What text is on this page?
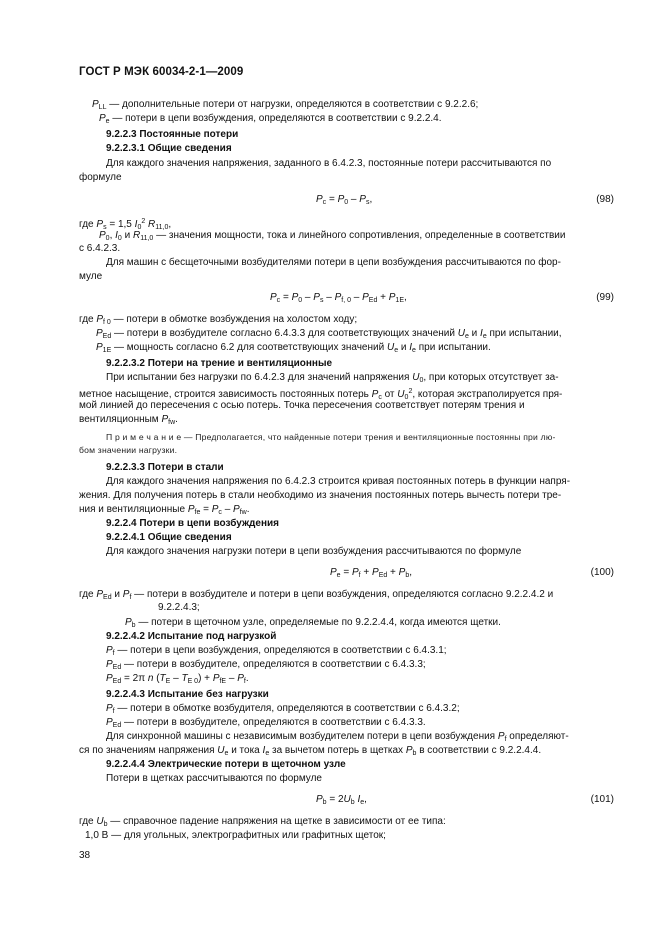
ГОСТ Р МЭК 60034-2-1—2009
$P_{LL}$ — дополнительные потери от нагрузки, определяются в соответствии с 9.2.2.6;
$P_e$ — потери в цепи возбуждения, определяются в соответствии с 9.2.2.4.
9.2.2.3 Постоянные потери
9.2.2.3.1 Общие сведения
Для каждого значения напряжения, заданного в 6.4.2.3, постоянные потери рассчитываются по
формуле
$P_c = P_0 - P_s$,	(98)
где $P_s = 1,5$ $I_0^2$ $R_{11,0}$,
$P_0$, $I_0$ и $R_{11,0}$ — значения мощности, тока и линейного сопротивления, определенные в соответствии
с 6.4.2.3.
Для машин с бесщеточными возбудителями потери в цепи возбуждения рассчитываются по фор-
муле
$P_c = P_0 - P_s - P_{f, 0} - P_{Ed} + P_{1E}$,	(99)
где $P_{f 0}$ — потери в обмотке возбуждения на холостом ходу;
$P_{Ed}$ — потери в возбудителе согласно 6.4.3.3 для соответствующих значений $U_e$ и $I_e$ при испытании,
$P_{1E}$ — мощность согласно 6.2 для соответствующих значений $U_e$ и $I_e$ при испытании.
9.2.2.3.2 Потери на трение и вентиляционные
При испытании без нагрузки по 6.4.2.3 для значений напряжения $U_0$, при которых отсутствует за-
метное насыщение, строится зависимость постоянных потерь $P_c$ от $U_0^2$, которая экстраполируется пря-
мой линией до пересечения с осью потерь. Точка пересечения соответствует потерям трения и
вентиляционным $P_{fw}$.
П р и м е ч а н и е — Предполагается, что найденные потери трения и вентиляционные постоянны при лю-
бом значении нагрузки.
9.2.2.3.3 Потери в стали
Для каждого значения напряжения по 6.4.2.3 строится кривая постоянных потерь в функции напря-
жения. Для получения потерь в стали необходимо из значения постоянных потерь вычесть потери тре-
ния и вентиляционные $P_{fe} = P_c - P_{fw}$.
9.2.2.4 Потери в цепи возбуждения
9.2.2.4.1 Общие сведения
Для каждого значения нагрузки потери в цепи возбуждения рассчитываются по формуле
$P_e = P_f + P_{Ed} + P_b$,	(100)
где $P_{Ed}$ и $P_f$ — потери в возбудителе и потери в цепи возбуждения, определяются согласно 9.2.2.4.2 и
9.2.2.4.3;
$P_b$ — потери в щеточном узле, определяемые по 9.2.2.4.4, когда имеются щетки.
9.2.2.4.2 Испытание под нагрузкой
$P_f$ — потери в цепи возбуждения, определяются в соответствии с 6.4.3.1;
$P_{Ed}$ — потери в возбудителе, определяются в соответствии с 6.4.3.3;
$P_{Ed} = 2\pi$ n $(T_E - T_{E 0}) + P_{fE} - P_f$.
9.2.2.4.3 Испытание без нагрузки
$P_f$ — потери в обмотке возбудителя, определяются в соответствии с 6.4.3.2;
$P_{Ed}$ — потери в возбудителе, определяются в соответствии с 6.4.3.3.
Для синхронной машины с независимым возбудителем потери в цепи возбуждения $P_f$ определяют-
ся по значениям напряжения $U_e$ и тока $I_e$ за вычетом потерь в щетках $P_b$ в соответствии с 9.2.2.4.4.
9.2.2.4.4 Электрические потери в щеточном узле
Потери в щетках рассчитываются по формуле
$P_b = 2U_b$ $I_e$,	(101)
где $U_b$ — справочное падение напряжения на щетке в зависимости от ее типа:
1,0 В — для угольных, электрографитных или графитных щеток;
38
